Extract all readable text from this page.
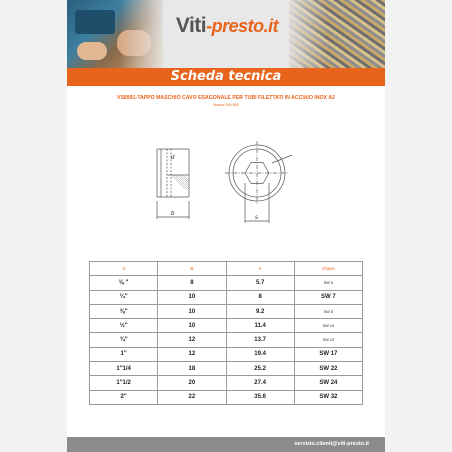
Viti-presto.it
Scheda tecnica
VS8991-TAPPO MASCHIO CAVO ESAGONALE PER TUBI FILETTATI IN ACCIAIO INOX A2
Norma DIN 906
d
b
s
d	B	e	chiave
⅛ "	8	5.7	SW 5
¼"	10	8	SW 7
⅜"	10	9.2	SW 8
½"	10	11.4	SW 10
¾"	12	13.7	SW 12
1"	12	19.4	SW 17
1"1/4	18	25.2	SW 22
1"1/2	20	27.4	SW 24
2"	22	35.6	SW 32
servizio.clienti@viti-presto.it
